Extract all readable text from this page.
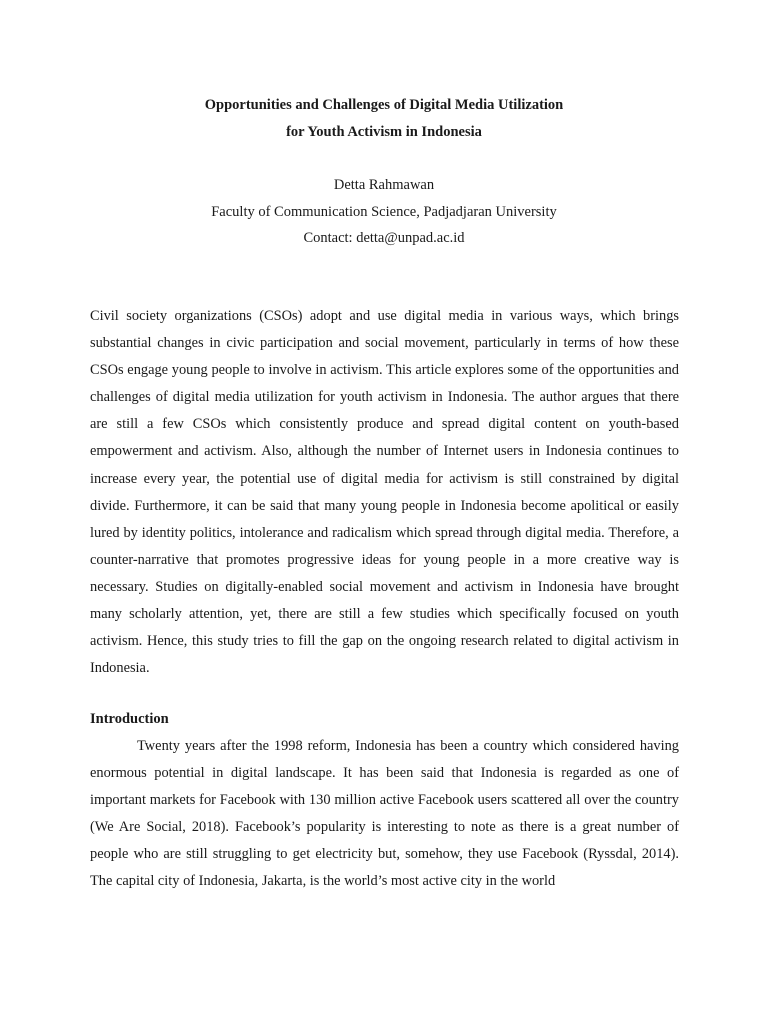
Opportunities and Challenges of Digital Media Utilization
for Youth Activism in Indonesia
Detta Rahmawan
Faculty of Communication Science, Padjadjaran University
Contact: detta@unpad.ac.id

Civil society organizations (CSOs) adopt and use digital media in various ways, which brings substantial changes in civic participation and social movement, particularly in terms of how these CSOs engage young people to involve in activism. This article explores some of the opportunities and challenges of digital media utilization for youth activism in Indonesia. The author argues that there are still a few CSOs which consistently produce and spread digital content on youth-based empowerment and activism. Also, although the number of Internet users in Indonesia continues to increase every year, the potential use of digital media for activism is still constrained by digital divide. Furthermore, it can be said that many young people in Indonesia become apolitical or easily lured by identity politics, intolerance and radicalism which spread through digital media. Therefore, a counter-narrative that promotes progressive ideas for young people in a more creative way is necessary. Studies on digitally-enabled social movement and activism in Indonesia have brought many scholarly attention, yet, there are still a few studies which specifically focused on youth activism. Hence, this study tries to fill the gap on the ongoing research related to digital activism in Indonesia.

Introduction

Twenty years after the 1998 reform, Indonesia has been a country which considered having enormous potential in digital landscape. It has been said that Indonesia is regarded as one of important markets for Facebook with 130 million active Facebook users scattered all over the country (We Are Social, 2018). Facebook’s popularity is interesting to note as there is a great number of people who are still struggling to get electricity but, somehow, they use Facebook (Ryssdal, 2014). The capital city of Indonesia, Jakarta, is the world’s most active city in the world
